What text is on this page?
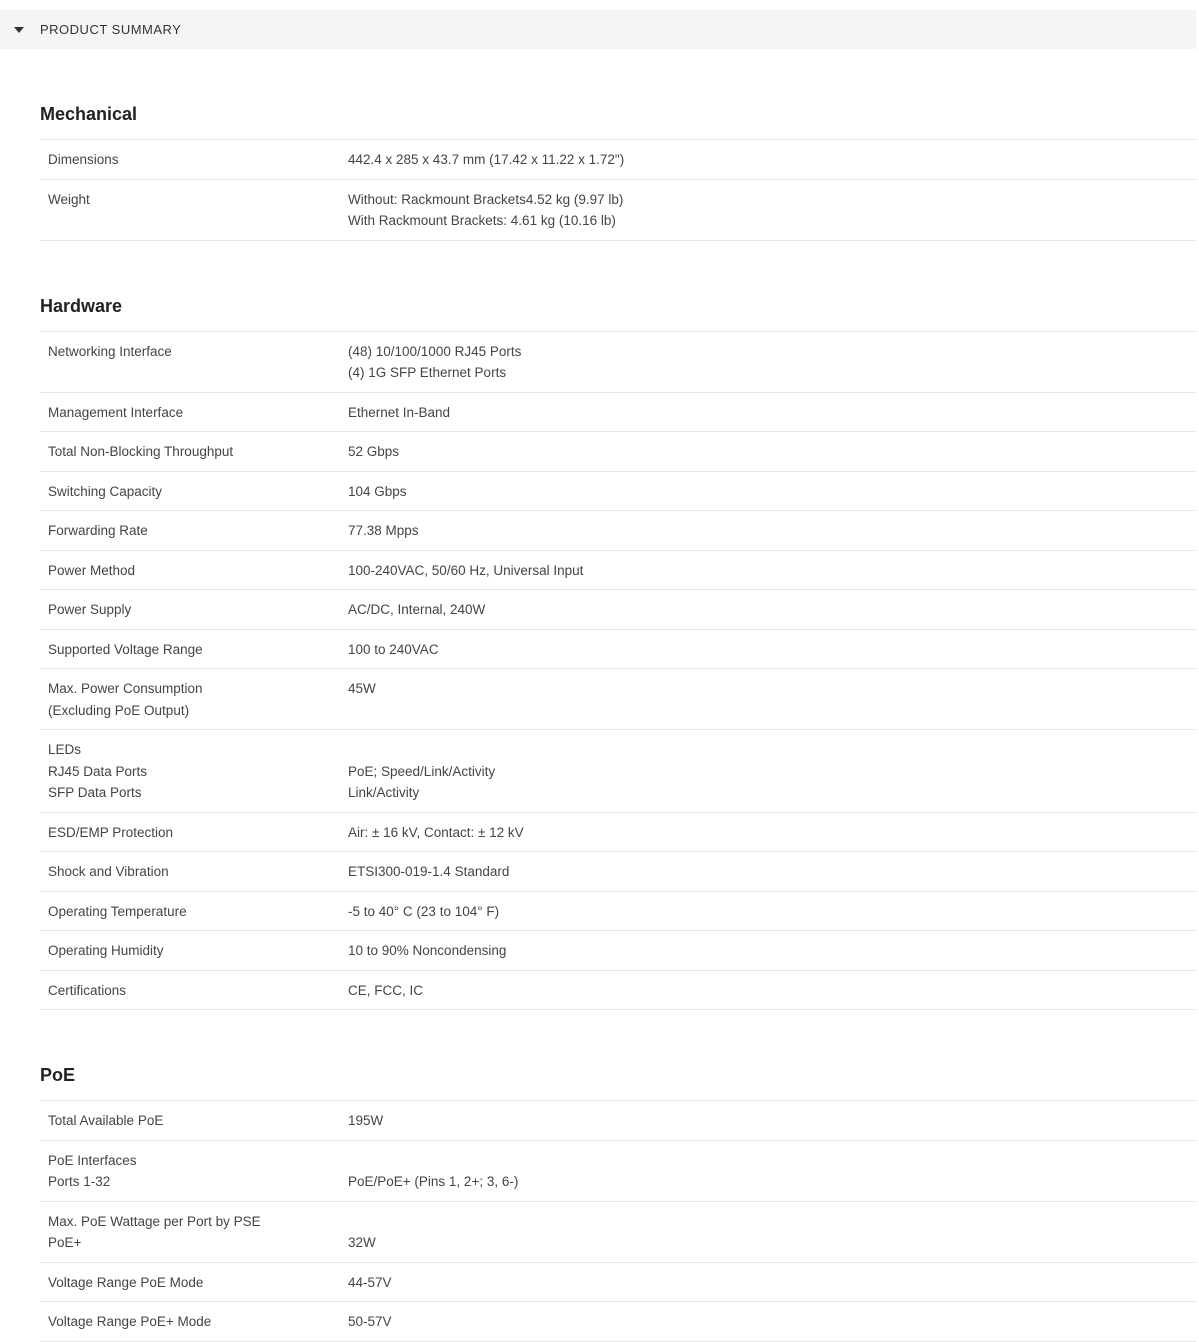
PRODUCT SUMMARY
Mechanical
Dimensions	442.4 x 285 x 43.7 mm (17.42 x 11.22 x 1.72")

Weight	Without: Rackmount Brackets4.52 kg (9.97 lb)
With Rackmount Brackets: 4.61 kg (10.16 lb)
Hardware
Networking Interface	(48) 10/100/1000 RJ45 Ports
(4) 1G SFP Ethernet Ports

Management Interface	Ethernet In-Band

Total Non-Blocking Throughput	52 Gbps

Switching Capacity	104 Gbps

Forwarding Rate	77.38 Mpps

Power Method	100-240VAC, 50/60 Hz, Universal Input

Power Supply	AC/DC, Internal, 240W

Supported Voltage Range	100 to 240VAC

Max. Power Consumption
(Excluding PoE Output)	45W

LEDs
RJ45 Data Ports
SFP Data Ports	PoE; Speed/Link/Activity
Link/Activity

ESD/EMP Protection	Air: ± 16 kV, Contact: ± 12 kV

Shock and Vibration	ETSI300-019-1.4 Standard

Operating Temperature	-5 to 40° C (23 to 104° F)

Operating Humidity	10 to 90% Noncondensing

Certifications	CE, FCC, IC
PoE
Total Available PoE	195W

PoE Interfaces
Ports 1-32	PoE/PoE+ (Pins 1, 2+; 3, 6-)

Max. PoE Wattage per Port by PSE
PoE+	32W

Voltage Range PoE Mode	44-57V

Voltage Range PoE+ Mode	50-57V
